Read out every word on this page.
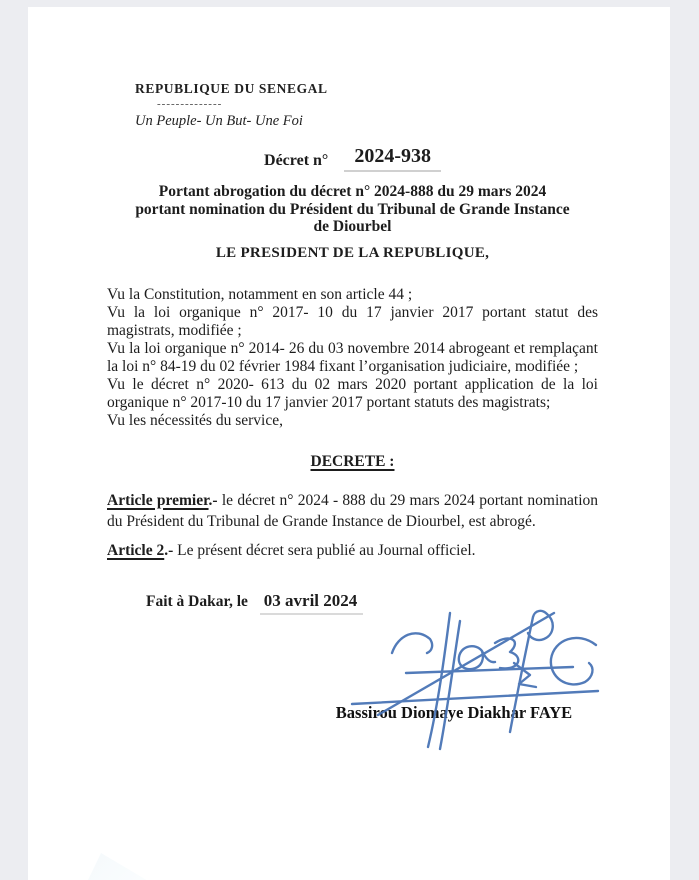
REPUBLIQUE DU SENEGAL
--------------
Un Peuple- Un But- Une Foi
Décret n° 2024-938
Portant abrogation du décret n° 2024-888 du 29 mars 2024
portant nomination du Président du Tribunal de Grande Instance
de Diourbel
LE PRESIDENT DE LA REPUBLIQUE,

Vu la Constitution, notamment en son article 44 ;

Vu la loi organique n° 2017- 10 du 17 janvier 2017 portant statut des magistrats, modifiée ;

Vu la loi organique n° 2014- 26 du 03 novembre 2014 abrogeant et remplaçant la loi n° 84-19 du 02 février 1984 fixant l’organisation judiciaire, modifiée ;

Vu le décret n° 2020- 613 du 02 mars 2020 portant application de la loi organique n° 2017-10 du 17 janvier 2017 portant statuts des magistrats;

Vu les nécessités du service,

DECRETE :

Article premier.- le décret n° 2024 - 888 du 29 mars 2024 portant nomination du Président du Tribunal de Grande Instance de Diourbel, est abrogé.

Article 2.- Le présent décret sera publié au Journal officiel.

Fait à Dakar, le 03 avril 2024
Bassirou Diomaye Diakhar FAYE
